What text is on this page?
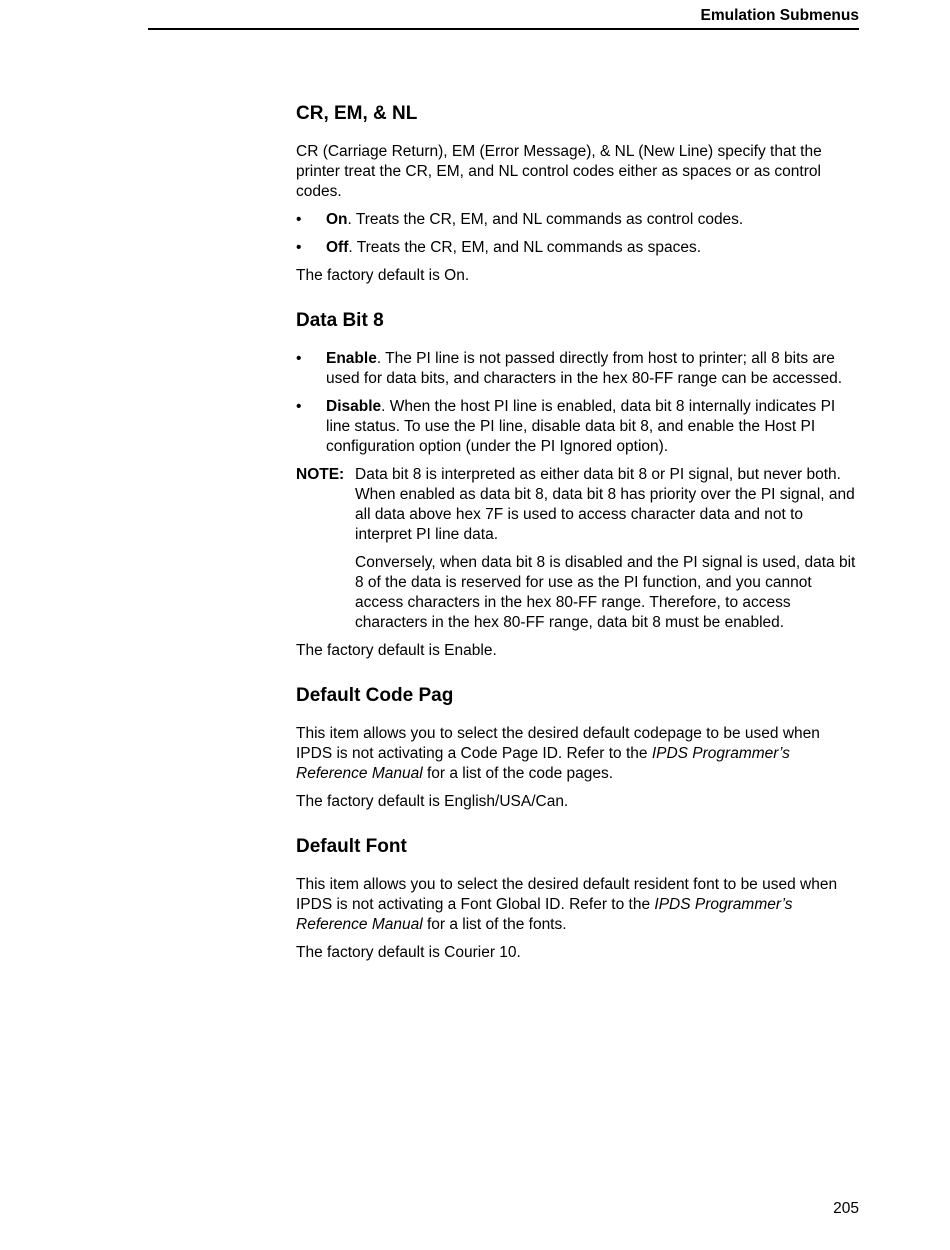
Emulation Submenus
CR, EM, & NL

CR (Carriage Return), EM (Error Message), & NL (New Line) specify that the printer treat the CR, EM, and NL control codes either as spaces or as control codes.

• On. Treats the CR, EM, and NL commands as control codes.
• Off. Treats the CR, EM, and NL commands as spaces.

The factory default is On.

Data Bit 8
• Enable. The PI line is not passed directly from host to printer; all 8 bits are used for data bits, and characters in the hex 80-FF range can be accessed.
• Disable. When the host PI line is enabled, data bit 8 internally indicates PI line status. To use the PI line, disable data bit 8, and enable the Host PI configuration option (under the PI Ignored option).
NOTE: Data bit 8 is interpreted as either data bit 8 or PI signal, but never both. When enabled as data bit 8, data bit 8 has priority over the PI signal, and all data above hex 7F is used to access character data and not to interpret PI line data.

Conversely, when data bit 8 is disabled and the PI signal is used, data bit 8 of the data is reserved for use as the PI function, and you cannot access characters in the hex 80-FF range. Therefore, to access characters in the hex 80-FF range, data bit 8 must be enabled.

The factory default is Enable.

Default Code Pag

This item allows you to select the desired default codepage to be used when IPDS is not activating a Code Page ID. Refer to the IPDS Programmer’s Reference Manual for a list of the code pages.

The factory default is English/USA/Can.

Default Font

This item allows you to select the desired default resident font to be used when IPDS is not activating a Font Global ID. Refer to the IPDS Programmer’s Reference Manual for a list of the fonts.

The factory default is Courier 10.

205
